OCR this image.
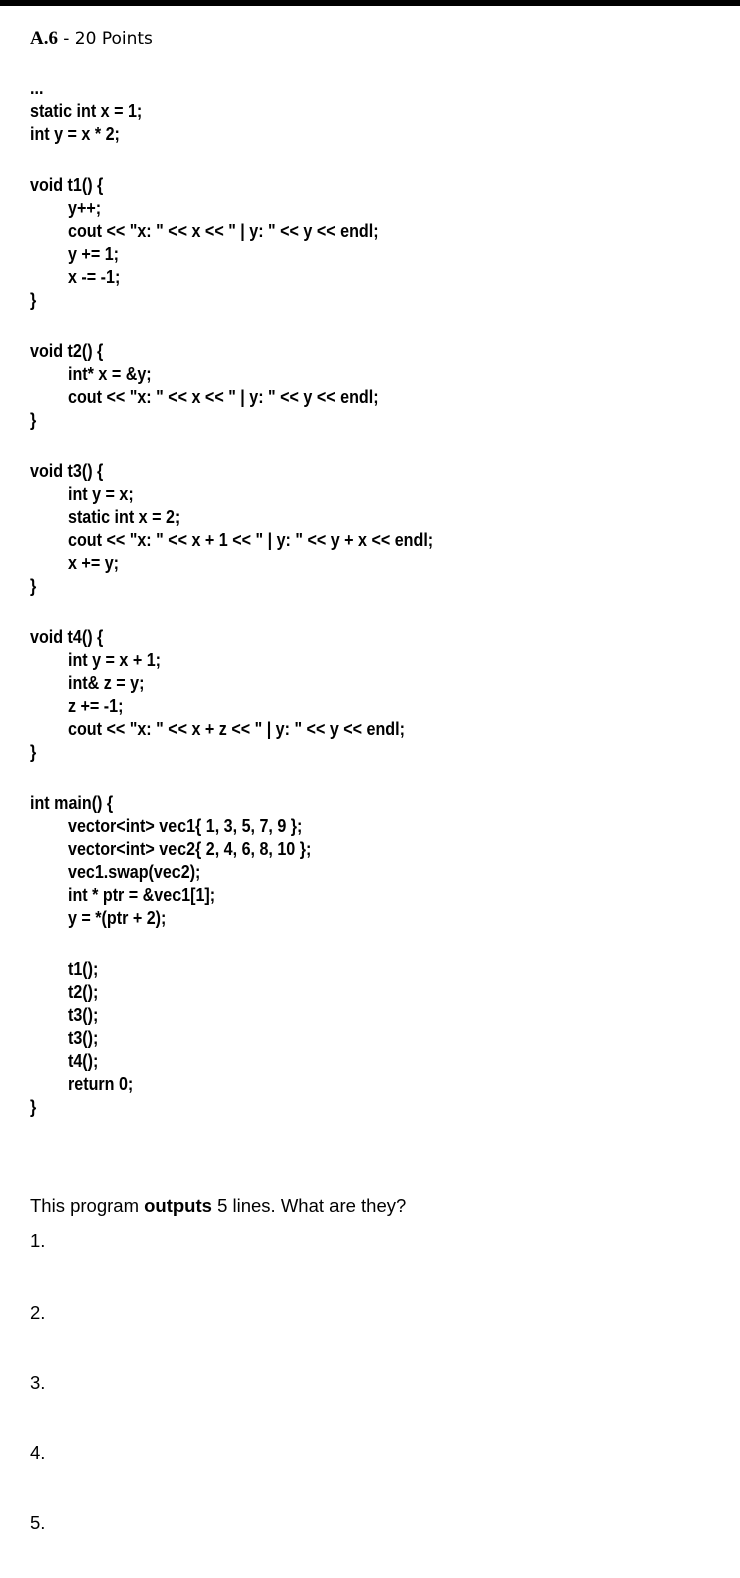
A.6 - 20 Points
...
static int x = 1;
int y = x * 2;
void t1() {
y++;
cout << "x: " << x << " | y: " << y << endl;
y += 1;
x -= -1;
}
void t2() {
int* x = &y;
cout << "x: " << x << " | y: " << y << endl;
}
void t3() {
int y = x;
static int x = 2;
cout << "x: " << x + 1 << " | y: " << y + x << endl;
x += y;
}
void t4() {
int y = x + 1;
int& z = y;
z += -1;
cout << "x: " << x + z << " | y: " << y << endl;
}
int main() {
vector<int> vec1{ 1, 3, 5, 7, 9 };
vector<int> vec2{ 2, 4, 6, 8, 10 };
vec1.swap(vec2);
int * ptr = &vec1[1];
y = *(ptr + 2);
t1();
t2();
t3();
t3();
t4();
return 0;
}
This program outputs 5 lines. What are they?
1.
2.
3.
4.
5.
